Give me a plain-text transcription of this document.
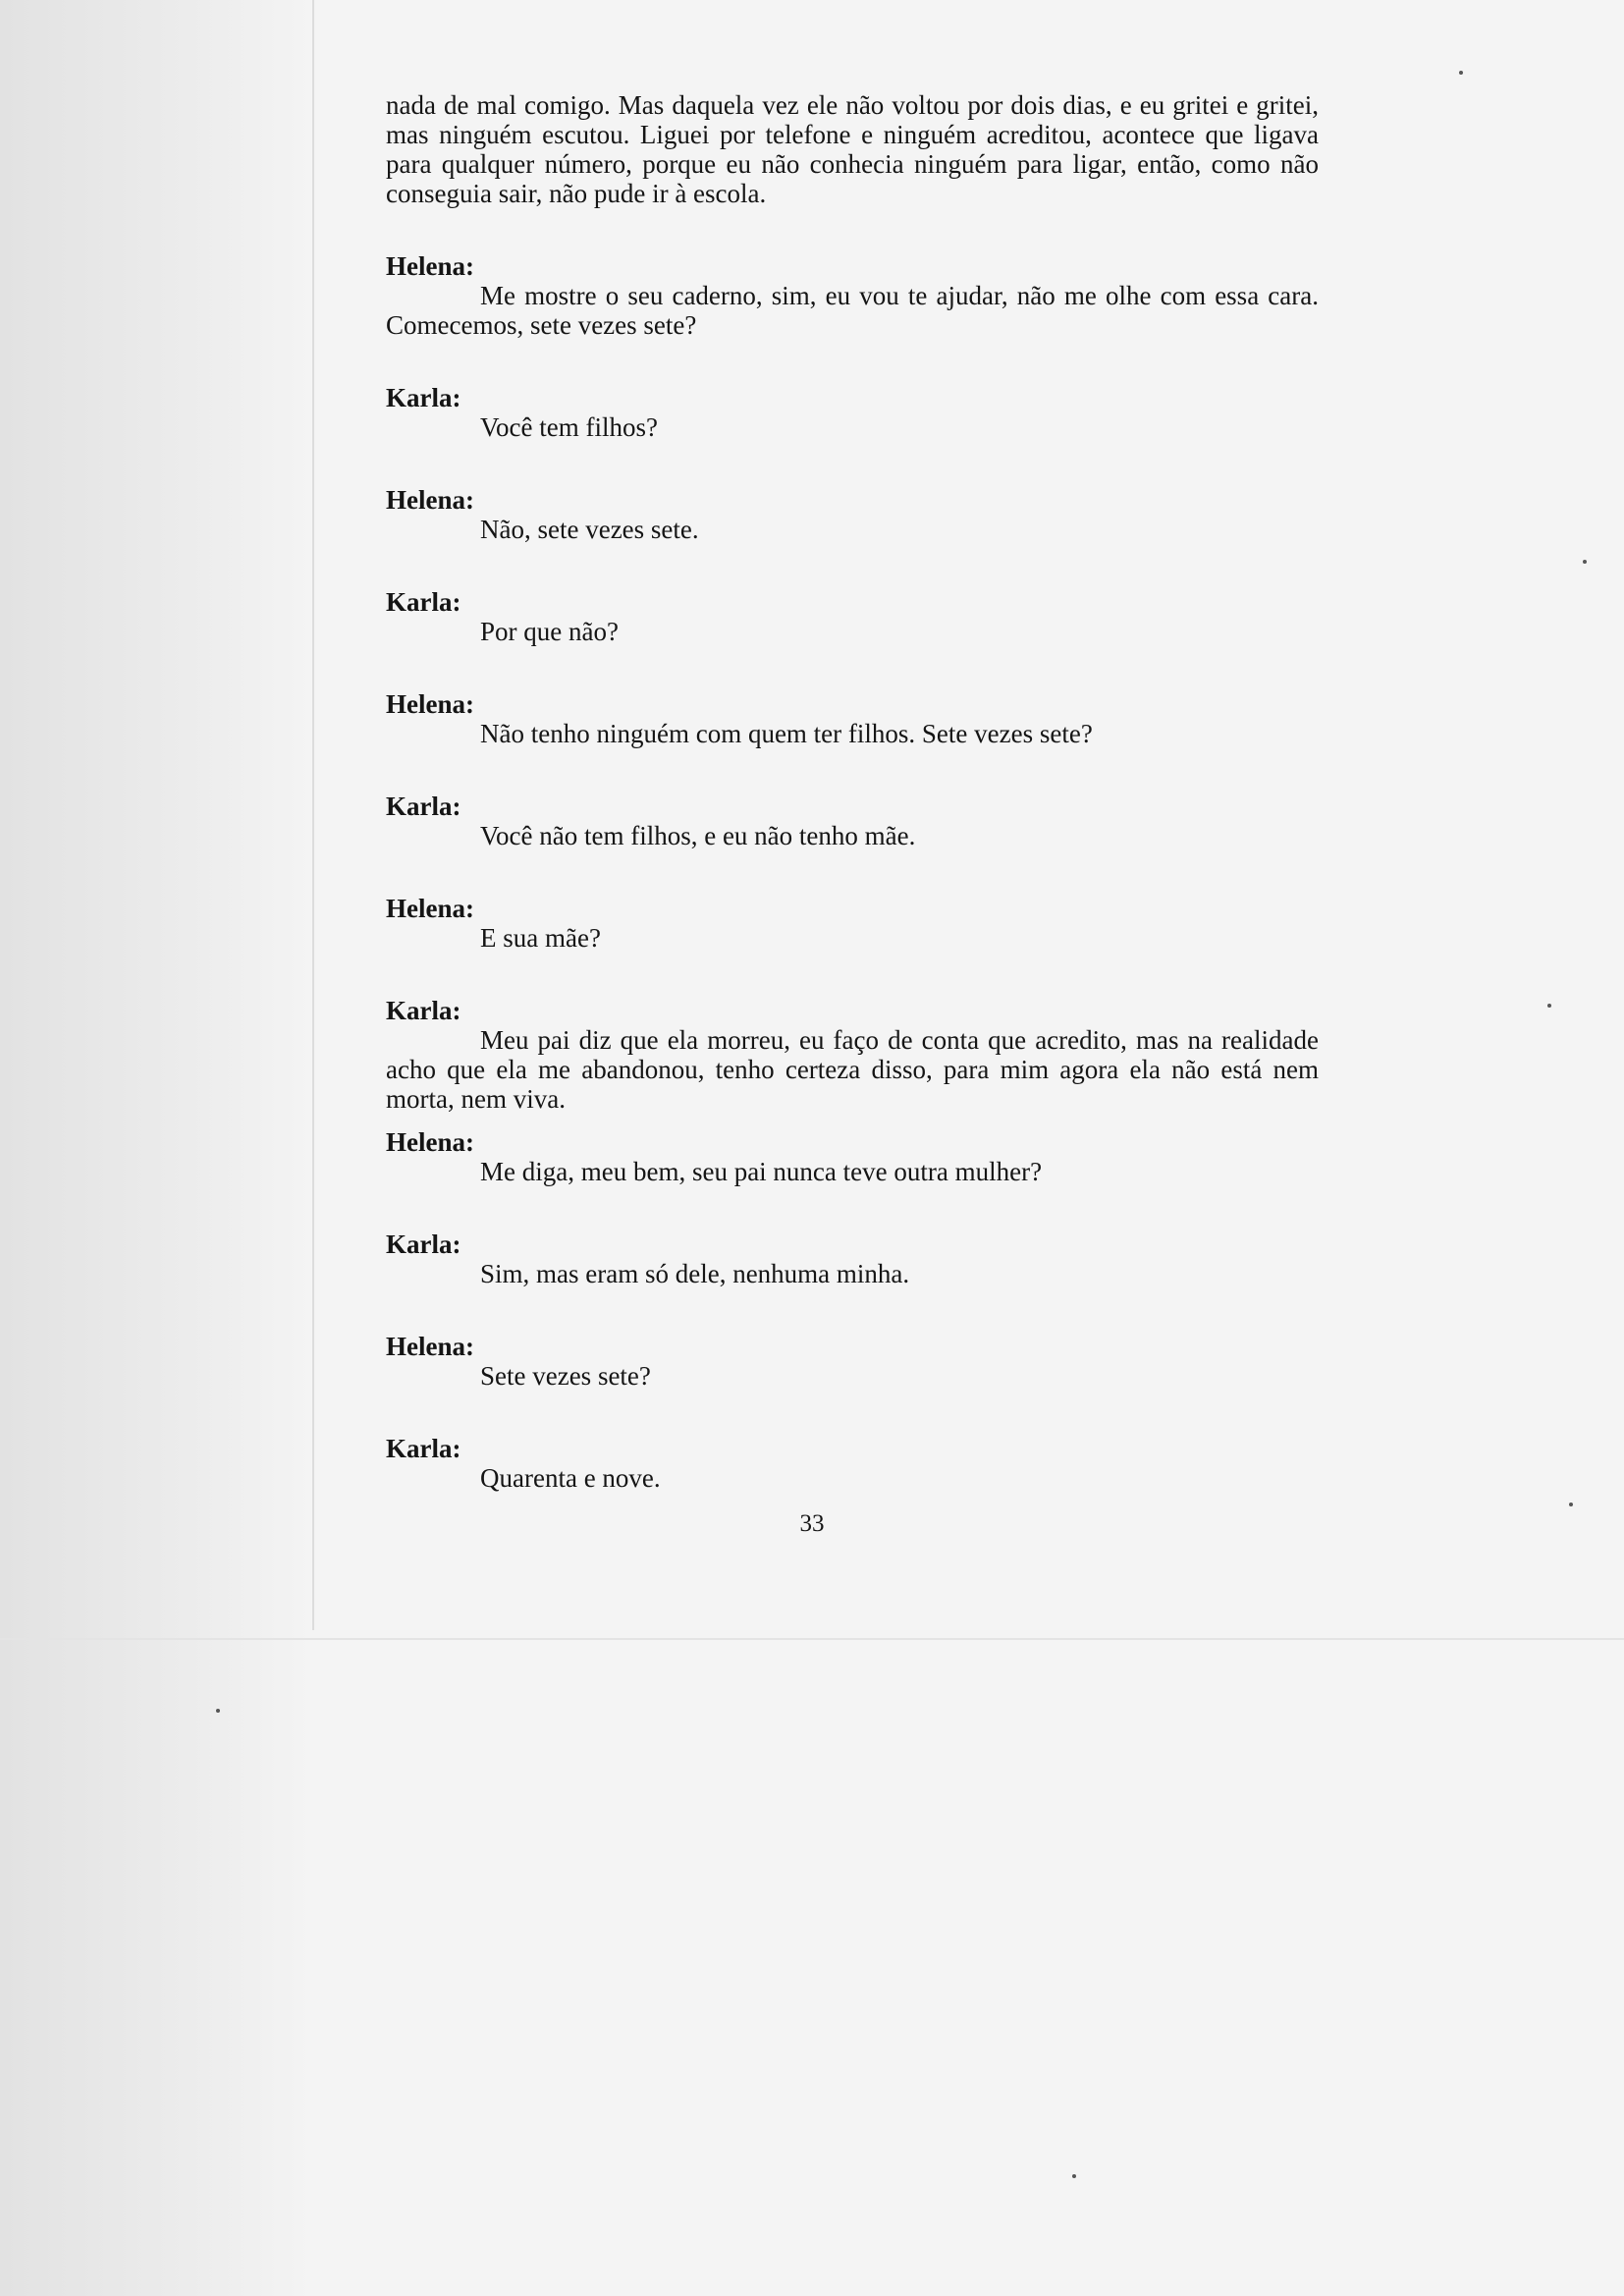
nada de mal comigo. Mas daquela vez ele não voltou por dois dias, e eu gritei e gritei, mas ninguém escutou. Liguei por telefone e ninguém acreditou, acontece que ligava para qualquer número, porque eu não conhecia ninguém para ligar, então, como não conseguia sair, não pude ir à escola.

Helena:

Me mostre o seu caderno, sim, eu vou te ajudar, não me olhe com essa cara. Comecemos, sete vezes sete?

Karla:

Você tem filhos?

Helena:

Não, sete vezes sete.

Karla:

Por que não?

Helena:

Não tenho ninguém com quem ter filhos. Sete vezes sete?

Karla:

Você não tem filhos, e eu não tenho mãe.

Helena:

E sua mãe?

Karla:

Meu pai diz que ela morreu, eu faço de conta que acredito, mas na realidade acho que ela me abandonou, tenho certeza disso, para mim agora ela não está nem morta, nem viva.

Helena:

Me diga, meu bem, seu pai nunca teve outra mulher?

Karla:

Sim, mas eram só dele, nenhuma minha.

Helena:

Sete vezes sete?

Karla:

Quarenta e nove.

33
